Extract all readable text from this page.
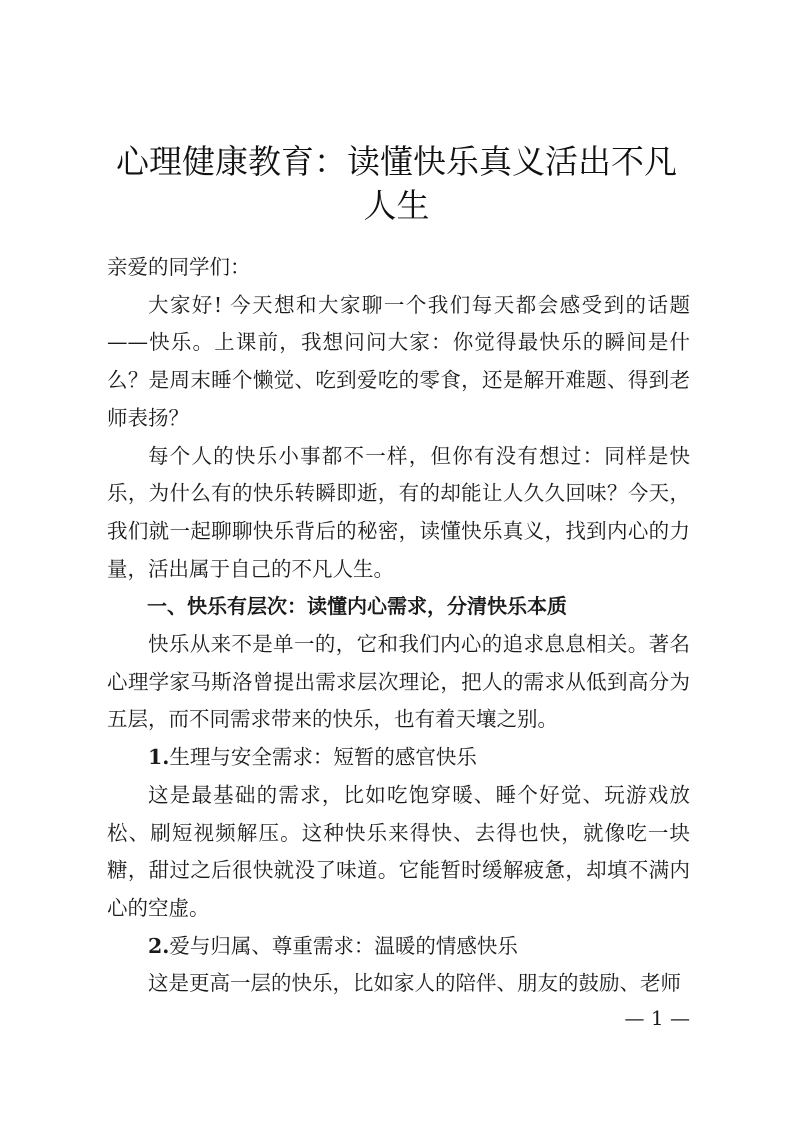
心理健康教育：读懂快乐真义活出不凡人生

亲爱的同学们：

大家好! 今天想和大家聊一个我们每天都会感受到的话题——快乐。上课前，我想问问大家：你觉得最快乐的瞬间是什么？是周末睡个懒觉、吃到爱吃的零食，还是解开难题、得到老师表扬？

每个人的快乐小事都不一样，但你有没有想过：同样是快乐，为什么有的快乐转瞬即逝，有的却能让人久久回味？今天，我们就一起聊聊快乐背后的秘密，读懂快乐真义，找到内心的力量，活出属于自己的不凡人生。

一、快乐有层次：读懂内心需求，分清快乐本质

快乐从来不是单一的，它和我们内心的追求息息相关。著名心理学家马斯洛曾提出需求层次理论，把人的需求从低到高分为五层，而不同需求带来的快乐，也有着天壤之别。

1.生理与安全需求：短暂的感官快乐

这是最基础的需求，比如吃饱穿暖、睡个好觉、玩游戏放松、刷短视频解压。这种快乐来得快、去得也快，就像吃一块糖，甜过之后很快就没了味道。它能暂时缓解疲惫，却填不满内心的空虚。

2.爱与归属、尊重需求：温暖的情感快乐

这是更高一层的快乐，比如家人的陪伴、朋友的鼓励、老师

— 1 —
